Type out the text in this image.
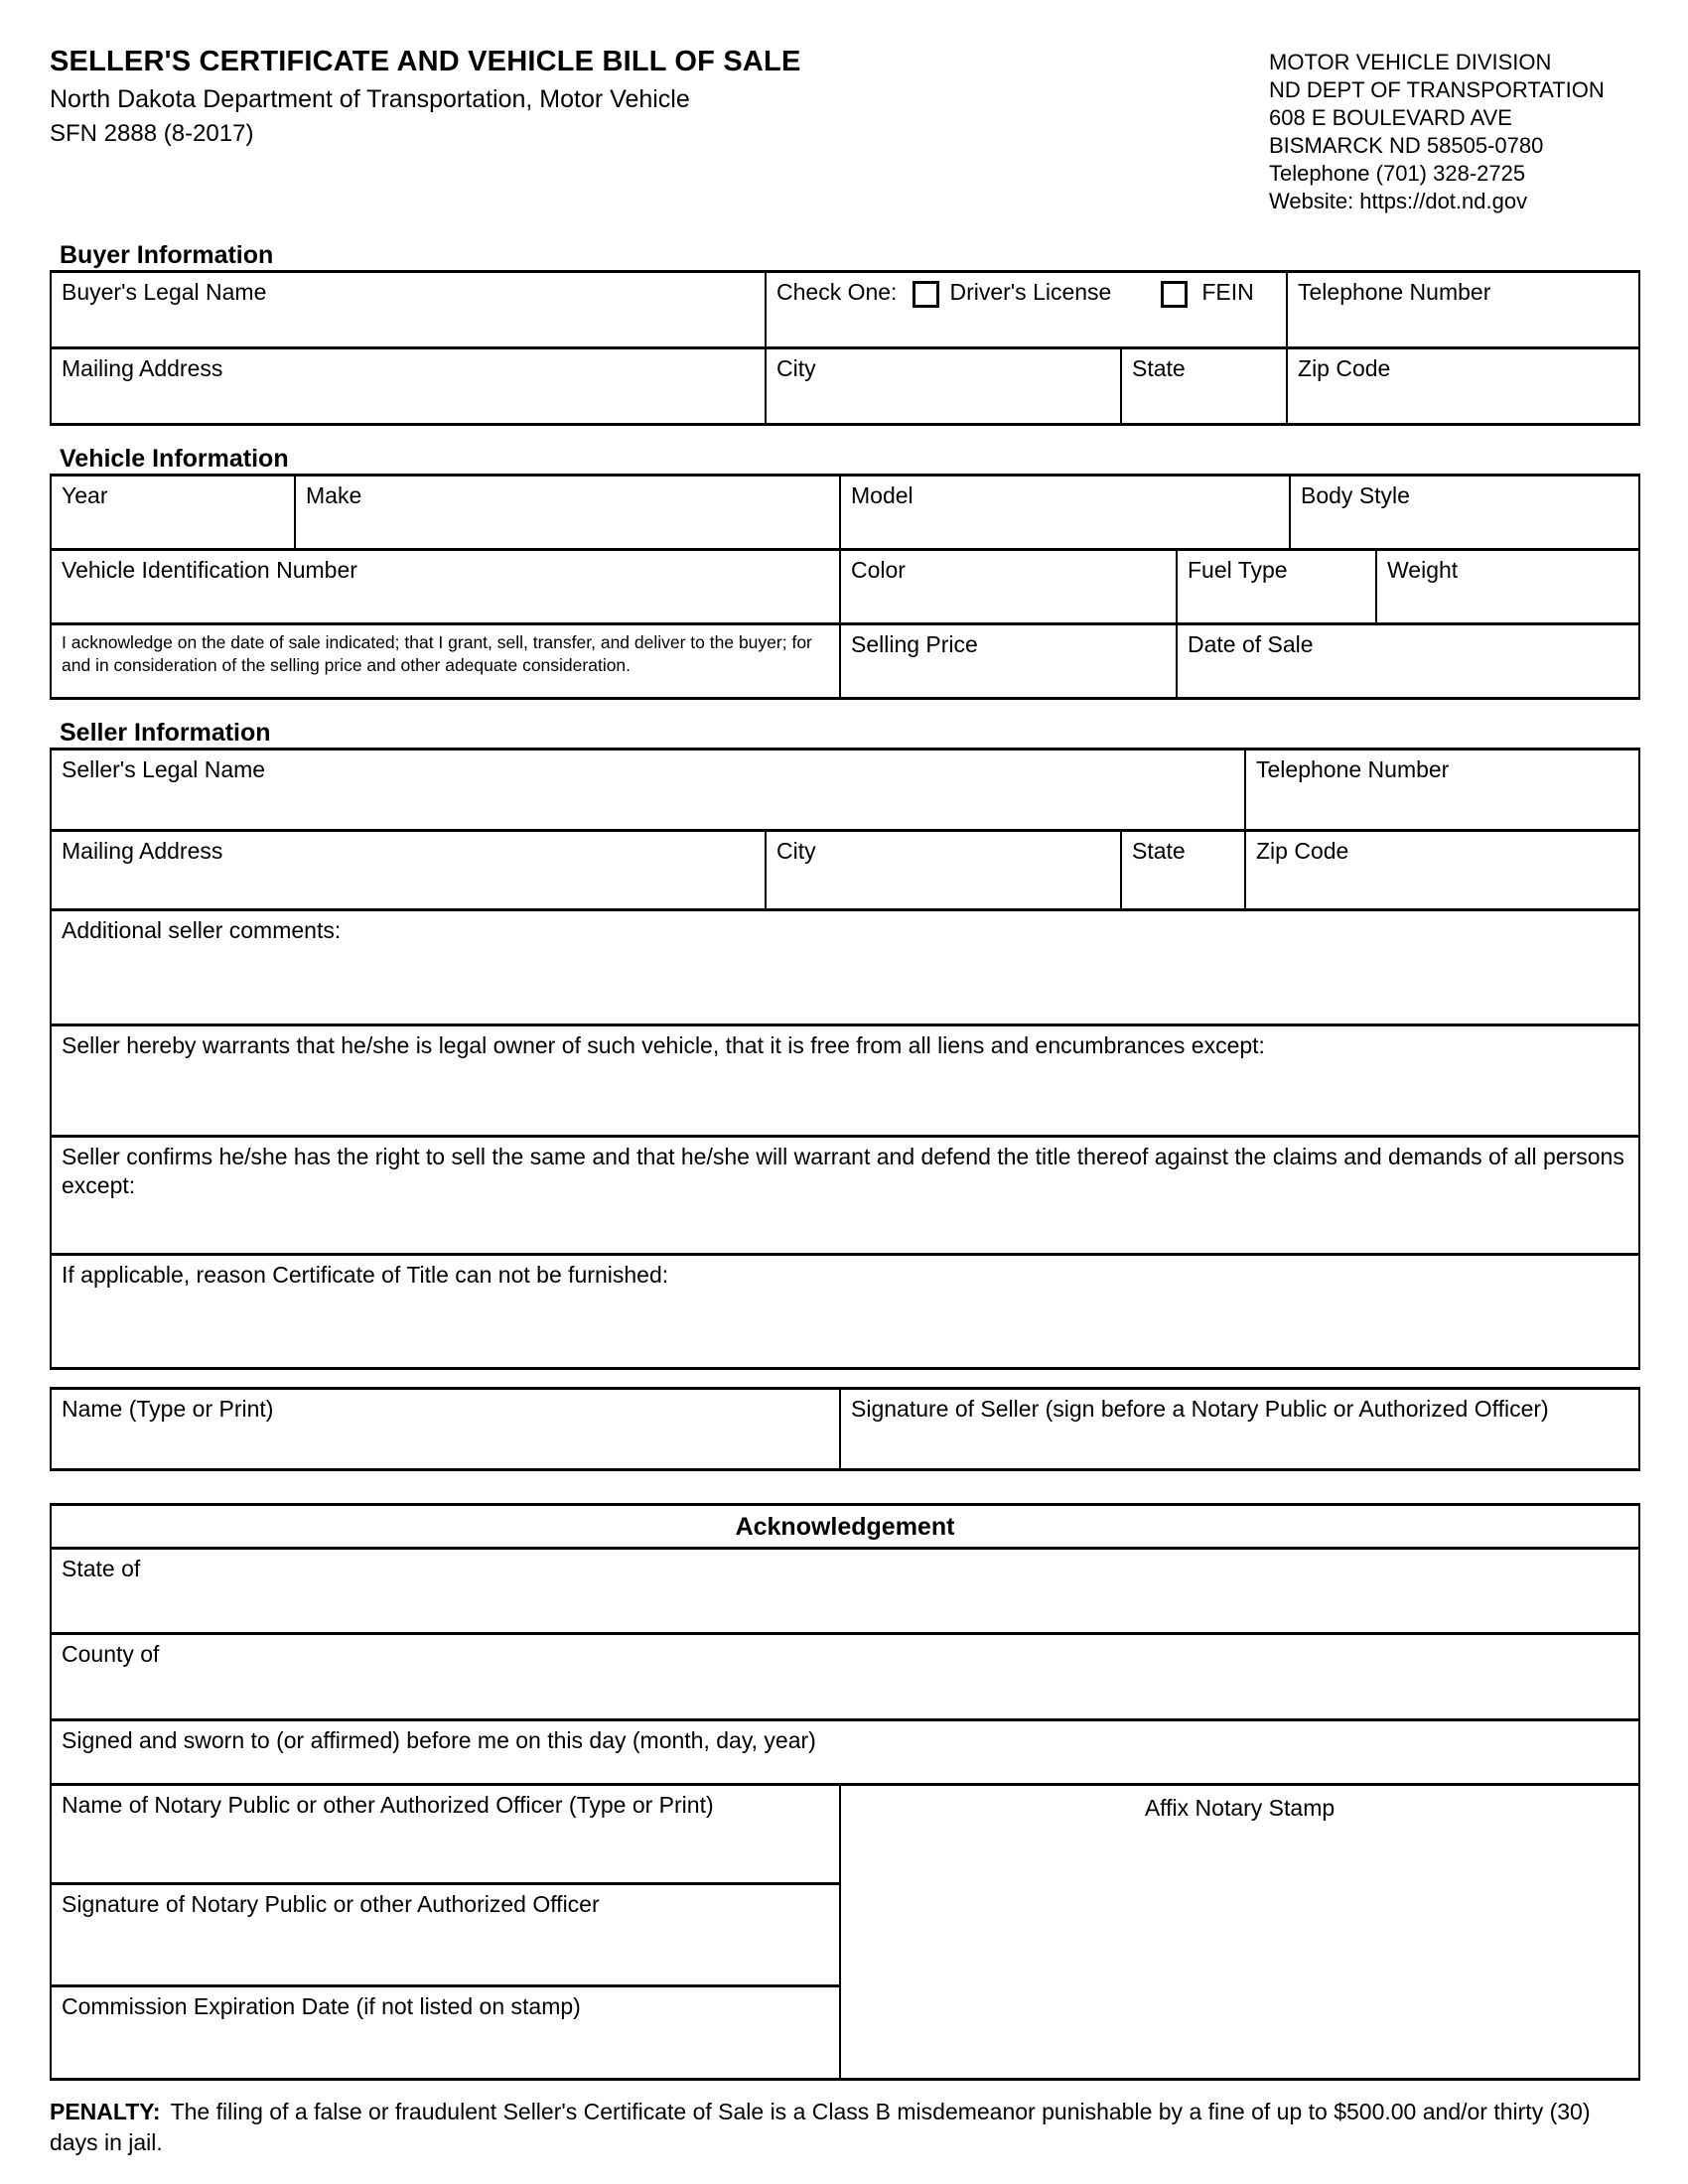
SELLER'S CERTIFICATE AND VEHICLE BILL OF SALE
North Dakota Department of Transportation, Motor Vehicle
SFN 2888 (8-2017)
MOTOR VEHICLE DIVISION
ND DEPT OF TRANSPORTATION
608 E BOULEVARD AVE
BISMARCK ND 58505-0780
Telephone (701) 328-2725
Website: https://dot.nd.gov
Buyer Information
Buyer's Legal Name	Check One: Driver's License FEIN		Telephone Number
Mailing Address	City	State	Zip Code
Vehicle Information
Year	Make	Model		Body Style	
Vehicle Identification Number		Color	Fuel Type		Weight
I acknowledge on the date of sale indicated; that I grant, sell, transfer, and deliver to the buyer; for and in consideration of the selling price and other adequate consideration.		Selling Price	Date of Sale		
Seller Information
Seller's Legal Name			Telephone Number
Mailing Address	City	State	Zip Code
Additional seller comments:			
Seller hereby warrants that he/she is legal owner of such vehicle, that it is free from all liens and encumbrances except:			
Seller confirms he/she has the right to sell the same and that he/she will warrant and defend the title thereof against the claims and demands of all persons except:			
If applicable, reason Certificate of Title can not be furnished:			
Name (Type or Print)	Signature of Seller (sign before a Notary Public or Authorized Officer)
Acknowledgement
State of
County of
Signed and sworn to (or affirmed) before me on this day (month, day, year)
Name of Notary Public or other Authorized Officer (Type or Print)	Affix Notary Stamp
Signature of Notary Public or other Authorized Officer
Commission Expiration Date (if not listed on stamp)
PENALTY: The filing of a false or fraudulent Seller's Certificate of Sale is a Class B misdemeanor punishable by a fine of up to $500.00 and/or thirty (30) days in jail.
